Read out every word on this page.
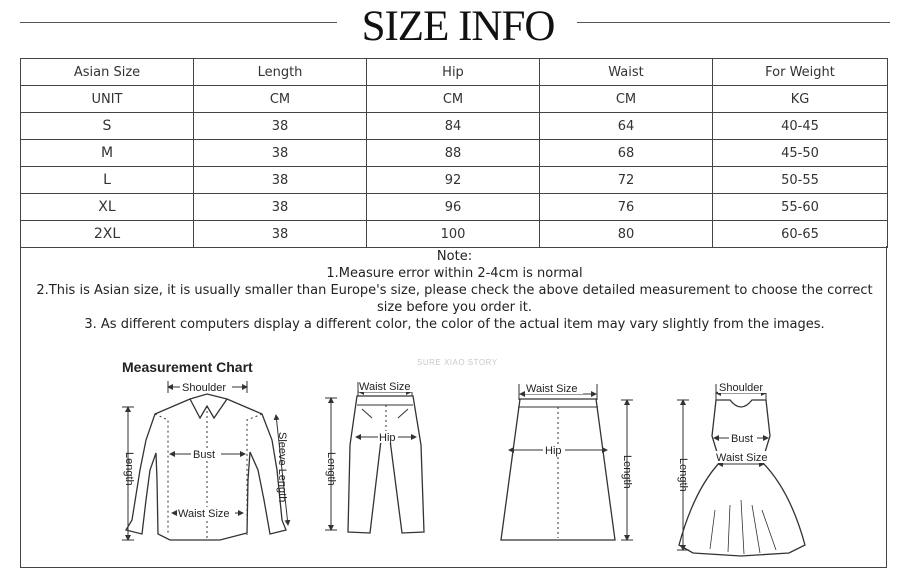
SIZE INFO
Asian Size	Length	Hip	Waist	For Weight
UNIT	CM	CM	CM	KG
S	38	84	64	40-45
M	38	88	68	45-50
L	38	92	72	50-55
XL	38	96	76	55-60
2XL	38	100	80	60-65
Note:
1.Measure error within 2-4cm is normal
2.This is Asian size, it is usually smaller than Europe's size, please check the above detailed measurement to choose the correct size before you order it.
3. As different computers display a different color, the color of the actual item may vary slightly from the images.
Measurement Chart	SURE XIAO STORY
Shoulder
Bust
Waist Size
Length	Sleeve Length
Waist Size
Hip
Length
Waist Size
Hip
Length
Shoulder
Bust
Waist Size
Length
